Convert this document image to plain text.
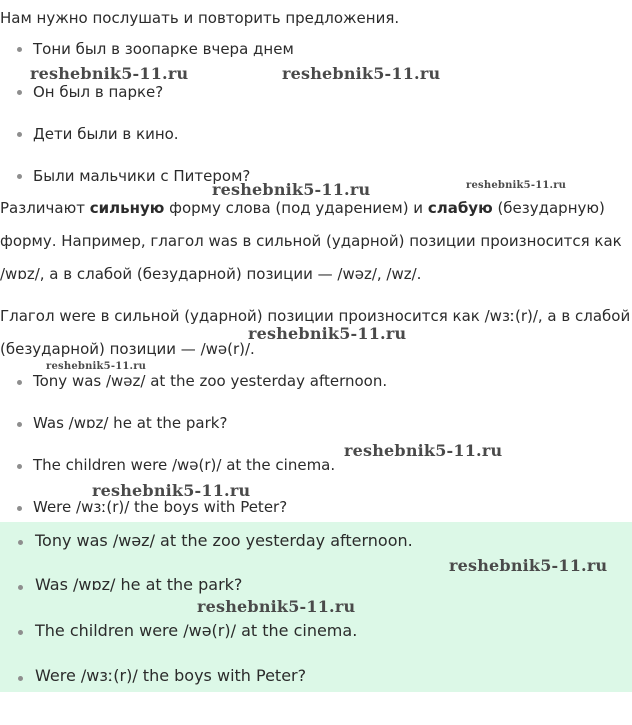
Нам нужно послушать и повторить предложения.
Тони был в зоопарке вчера днем
Он был в парке?
Дети были в кино.
Были мальчики с Питером?
Различают сильную форму слова (под ударением) и слабую (безударную)
форму. Например, глагол was в сильной (ударной) позиции произносится как
/wɒz/, а в слабой (безударной) позиции — /wəz/, /wz/.
Глагол were в сильной (ударной) позиции произносится как /wɜː(r)/, а в слабой
(безударной) позиции — /wə(r)/.
Tony was /wəz/ at the zoo yesterday afternoon.
Was /wɒz/ he at the park?
The children were /wə(r)/ at the cinema.
Were /wɜː(r)/ the boys with Peter?
Tony was /wəz/ at the zoo yesterday afternoon.
Was /wɒz/ he at the park?
The children were /wə(r)/ at the cinema.
Were /wɜː(r)/ the boys with Peter?
reshebnik5-11.ru	reshebnik5-11.ru
reshebnik5-11.ru	reshebnik5-11.ru
reshebnik5-11.ru
reshebnik5-11.ru
reshebnik5-11.ru
reshebnik5-11.ru
reshebnik5-11.ru
reshebnik5-11.ru
